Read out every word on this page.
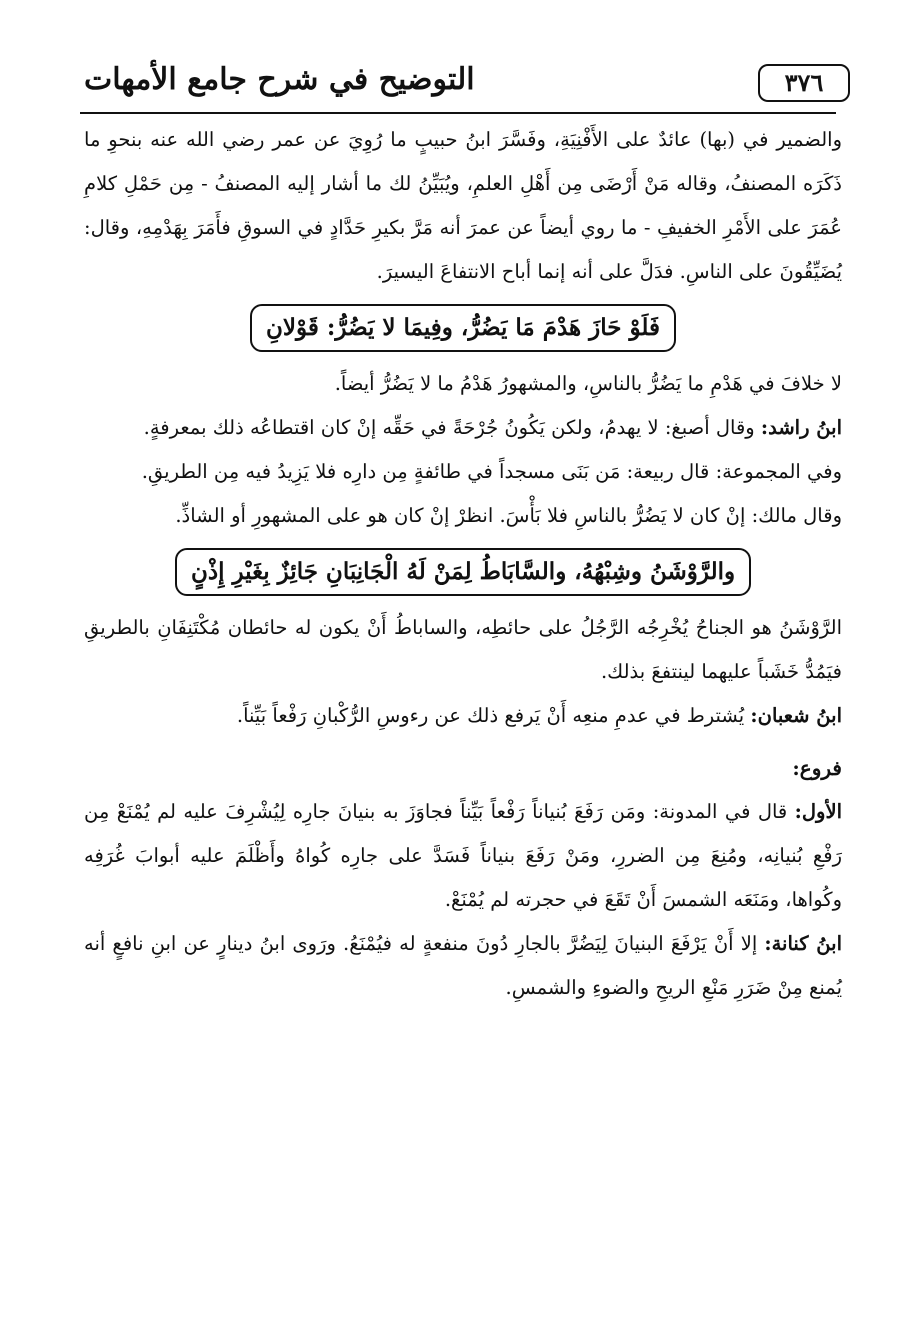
٣٧٦
التوضيح في شرح جامع الأمهات

والضمير في (بها) عائدٌ على الأَفْنِيَةِ، وفَسَّرَ ابنُ حبيبٍ ما رُوِيَ عن عمر رضي الله عنه بنحوِ ما ذَكَرَه المصنفُ، وقاله مَنْ أَرْضَى مِن أَهْلِ العلمِ، ويُبَيِّنُ لك ما أشار إليه المصنفُ - مِن حَمْلِ كلامِ عُمَرَ على الأَمْرِ الخفيفِ - ما روي أيضاً عن عمرَ أنه مَرَّ بكيرِ حَدَّادٍ في السوقِ فأَمَرَ بِهَدْمِهِ، وقال: يُضَيِّقُونَ على الناسِ. فدَلَّ على أنه إنما أباح الانتفاعَ اليسيرَ.

فَلَوْ حَازَ هَدْمَ مَا يَضُرُّ، وفِيمَا لا يَضُرُّ: قَوْلانِ

لا خلافَ في هَدْمِ ما يَضُرُّ بالناسِ، والمشهورُ هَدْمُ ما لا يَضُرُّ أيضاً.

ابنُ راشد: وقال أصبغ: لا يهدمُ، ولكن يَكُونُ جُرْحَةً في حَقِّه إنْ كان اقتطاعُه ذلك بمعرفةٍ.

وفي المجموعة: قال ربيعة: مَن بَنَى مسجداً في طائفةٍ مِن دارِه فلا يَزِيدُ فيه مِن الطريقِ.

وقال مالك: إنْ كان لا يَضُرُّ بالناسِ فلا بَأْسَ. انظرْ إنْ كان هو على المشهورِ أو الشاذِّ.

والرَّوْشَنُ وشِبْهُهُ، والسَّابَاطُ لِمَنْ لَهُ الْجَانِبَانِ جَائِزٌ بِغَيْرِ إِذْنٍ

الرَّوْشَنُ هو الجناحُ يُخْرِجُه الرَّجُلُ على حائطِه، والساباطُ أَنْ يكون له حائطان مُكْتَنِفَانِ بالطريقِ فيَمُدُّ خَشَباً عليهما لينتفعَ بذلك.

ابنُ شعبان: يُشترط في عدمِ منعِه أَنْ يَرفع ذلك عن رءوسِ الرُّكْبانِ رَفْعاً بَيِّناً.

فروع:

الأول: قال في المدونة: ومَن رَفَعَ بُنياناً رَفْعاً بَيِّناً فجاوَزَ به بنيانَ جارِه لِيُشْرِفَ عليه لم يُمْنَعْ مِن رَفْعِ بُنيانِه، ومُنِعَ مِن الضررِ، ومَنْ رَفَعَ بنياناً فَسَدَّ على جارِه كُواهُ وأَظْلَمَ عليه أبوابَ غُرَفِه وكُواها، ومَنَعَه الشمسَ أَنْ تَقَعَ في حجرته لم يُمْنَعْ.

ابنُ كنانة: إلا أَنْ يَرْفَعَ البنيانَ لِيَضُرَّ بالجارِ دُونَ منفعةٍ له فيُمْنَعُ. ورَوى ابنُ دينارٍ عن ابنِ نافعٍ أنه يُمنع مِنْ ضَرَرِ مَنْعِ الريحِ والضوءِ والشمسِ.
